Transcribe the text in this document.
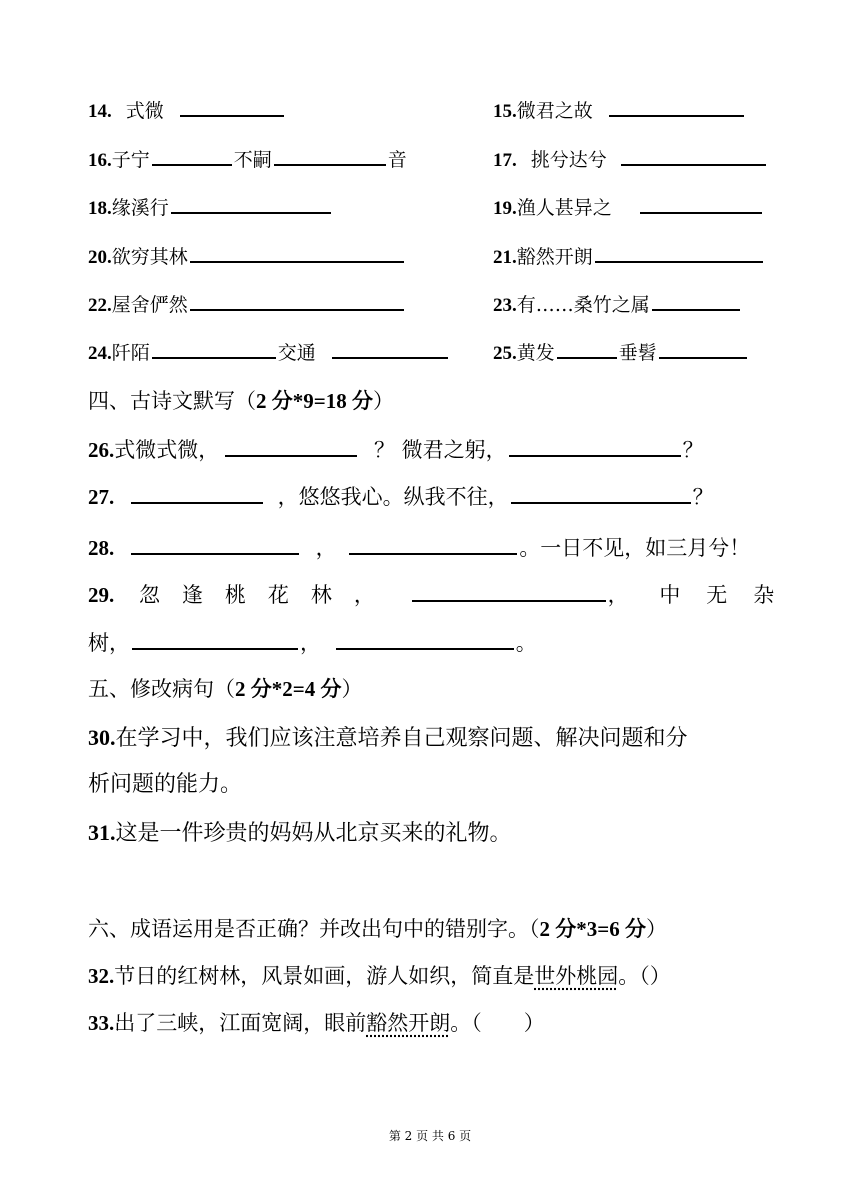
14. 式微	15.微君之故
16.子宁	不嗣	音	17. 挑兮达兮
18.缘溪行	19.渔人甚异之
20.欲穷其林	21.豁然开朗
22.屋舍俨然	23.有……桑竹之属
24.阡陌	交通	25.黄发	垂髫
四、古诗文默写（2 分*9=18 分）
26.式微式微，	？ 微君之躬，	？
27.	，悠悠我心。纵我不往，	？
28.	，	。一日不见，如三月兮！
29. 忽逢桃花林，	， 中无杂
树，	，	。
五、修改病句（2 分*2=4 分）
30.在学习中，我们应该注意培养自己观察问题、解决问题和分
析问题的能力。
31.这是一件珍贵的妈妈从北京买来的礼物。
六、成语运用是否正确？并改出句中的错别字。（2 分*3=6 分）
32.节日的红树林，风景如画，游人如织，简直是世外桃园。（）
33.出了三峡，江面宽阔，眼前豁然开朗。（　　）
第 2 页 共 6 页
